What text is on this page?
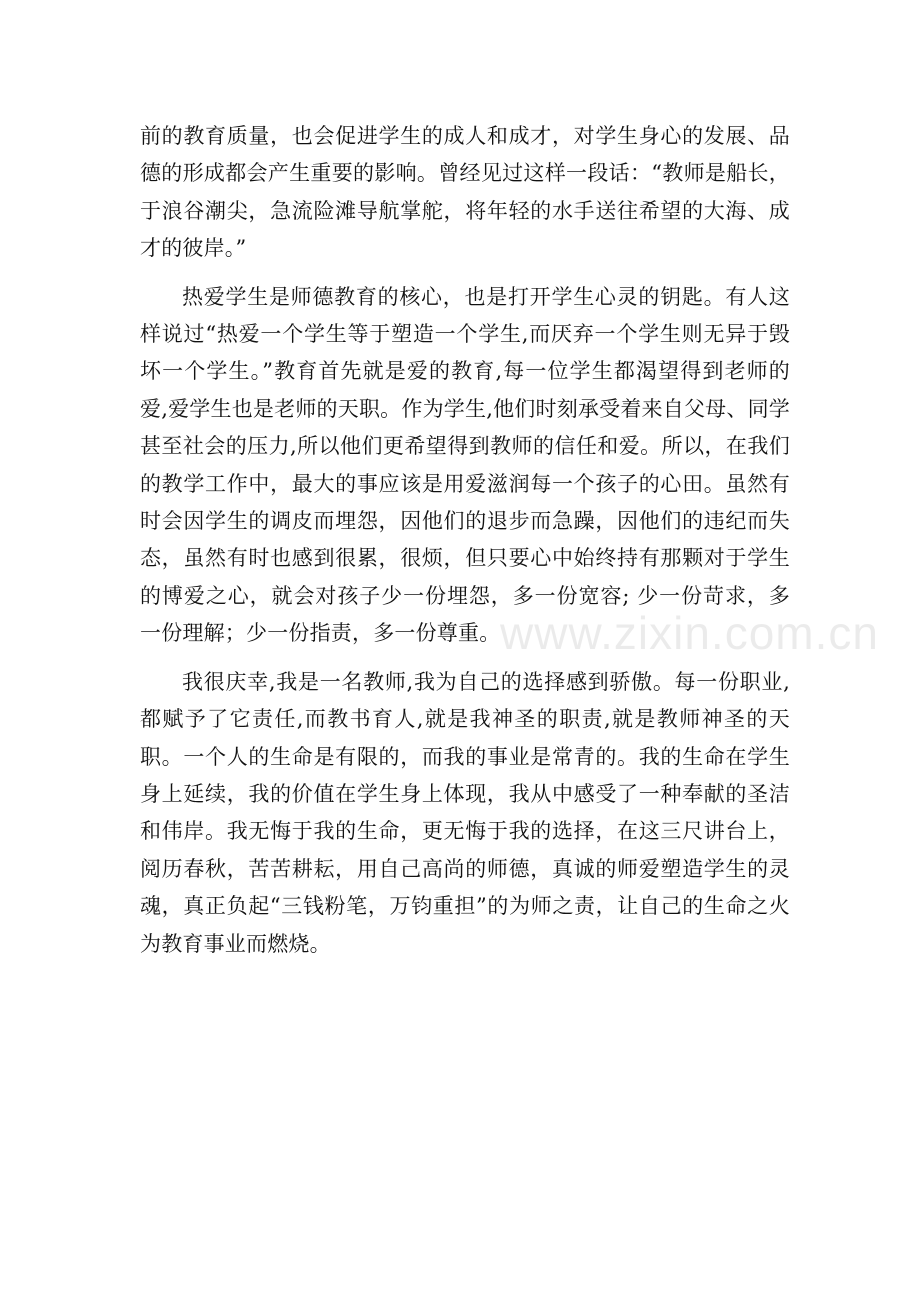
前的教育质量，也会促进学生的成人和成才，对学生身心的发展、品德的形成都会产生重要的影响。曾经见过这样一段话：“教师是船长，于浪谷潮尖，急流险滩导航掌舵，将年轻的水手送往希望的大海、成才的彼岸。”

热爱学生是师德教育的核心，也是打开学生心灵的钥匙。有人这样说过“热爱一个学生等于塑造一个学生,而厌弃一个学生则无异于毁坏一个学生。”教育首先就是爱的教育,每一位学生都渴望得到老师的爱,爱学生也是老师的天职。作为学生,他们时刻承受着来自父母、同学甚至社会的压力,所以他们更希望得到教师的信任和爱。所以，在我们的教学工作中，最大的事应该是用爱滋润每一个孩子的心田。虽然有时会因学生的调皮而埋怨，因他们的退步而急躁，因他们的违纪而失态，虽然有时也感到很累，很烦，但只要心中始终持有那颗对于学生的博爱之心，就会对孩子少一份埋怨，多一份宽容; 少一份苛求，多一份理解；少一份指责，多一份尊重。

我很庆幸,我是一名教师,我为自己的选择感到骄傲。每一份职业,都赋予了它责任,而教书育人,就是我神圣的职责,就是教师神圣的天职。一个人的生命是有限的，而我的事业是常青的。我的生命在学生身上延续，我的价值在学生身上体现，我从中感受了一种奉献的圣洁和伟岸。我无悔于我的生命，更无悔于我的选择，在这三尺讲台上，阅历春秋，苦苦耕耘，用自己高尚的师德，真诚的师爱塑造学生的灵魂，真正负起“三钱粉笔，万钧重担”的为师之责，让自己的生命之火为教育事业而燃烧。

www.zixin.com.cn
